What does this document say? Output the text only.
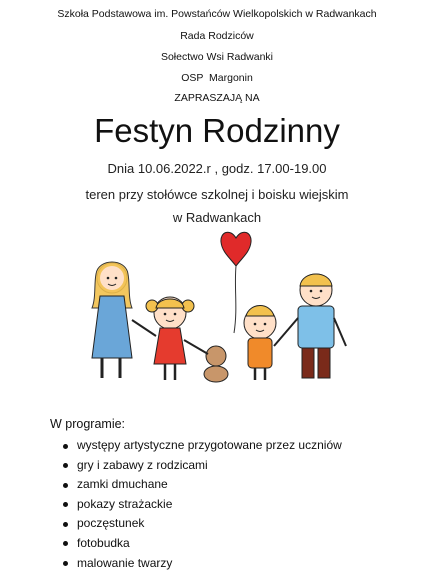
Szkoła Podstawowa im. Powstańców Wielkopolskich w Radwankach
Rada Rodziców
Sołectwo Wsi Radwanki
OSP  Margonin
ZAPRASZAJĄ NA
Festyn Rodzinny
Dnia 10.06.2022.r , godz. 17.00-19.00
teren przy stołówce szkolnej i boisku wiejskim
w Radwankach
W programie:
występy artystyczne przygotowane przez uczniów
gry i zabawy z rodzicami
zamki dmuchane
pokazy strażackie
poczęstunek
fotobudka
malowanie twarzy
